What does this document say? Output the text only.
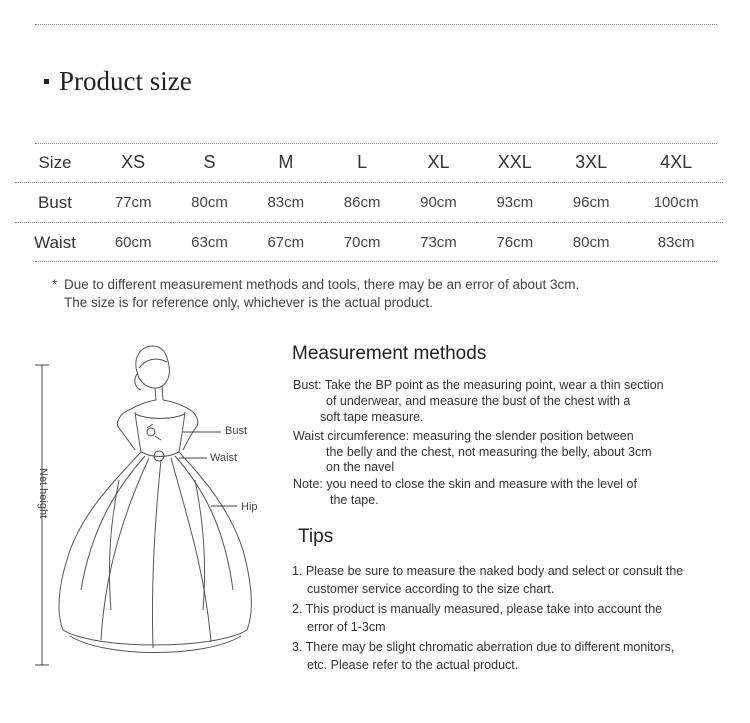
Product size
Size	XS	S	M	L	XL	XXL	3XL	4XL
Bust	77cm	80cm	83cm	86cm	90cm	93cm	96cm	100cm
Waist	60cm	63cm	67cm	70cm	73cm	76cm	80cm	83cm
* Due to different measurement methods and tools, there may be an error of about 3cm.
The size is for reference only, whichever is the actual product.
Net height
Bust
Waist
Hip
Measurement methods
Bust: Take the BP point as the measuring point, wear a thin section
of underwear, and measure the bust of the chest with a
soft tape measure.
Waist circumference: measuring the slender position between
the belly and the chest, not measuring the belly, about 3cm
on the navel
Note: you need to close the skin and measure with the level of
the tape.
Tips
1. Please be sure to measure the naked body and select or consult the
customer service according to the size chart.
2. This product is manually measured, please take into account the
error of 1-3cm
3. There may be slight chromatic aberration due to different monitors,
etc. Please refer to the actual product.
